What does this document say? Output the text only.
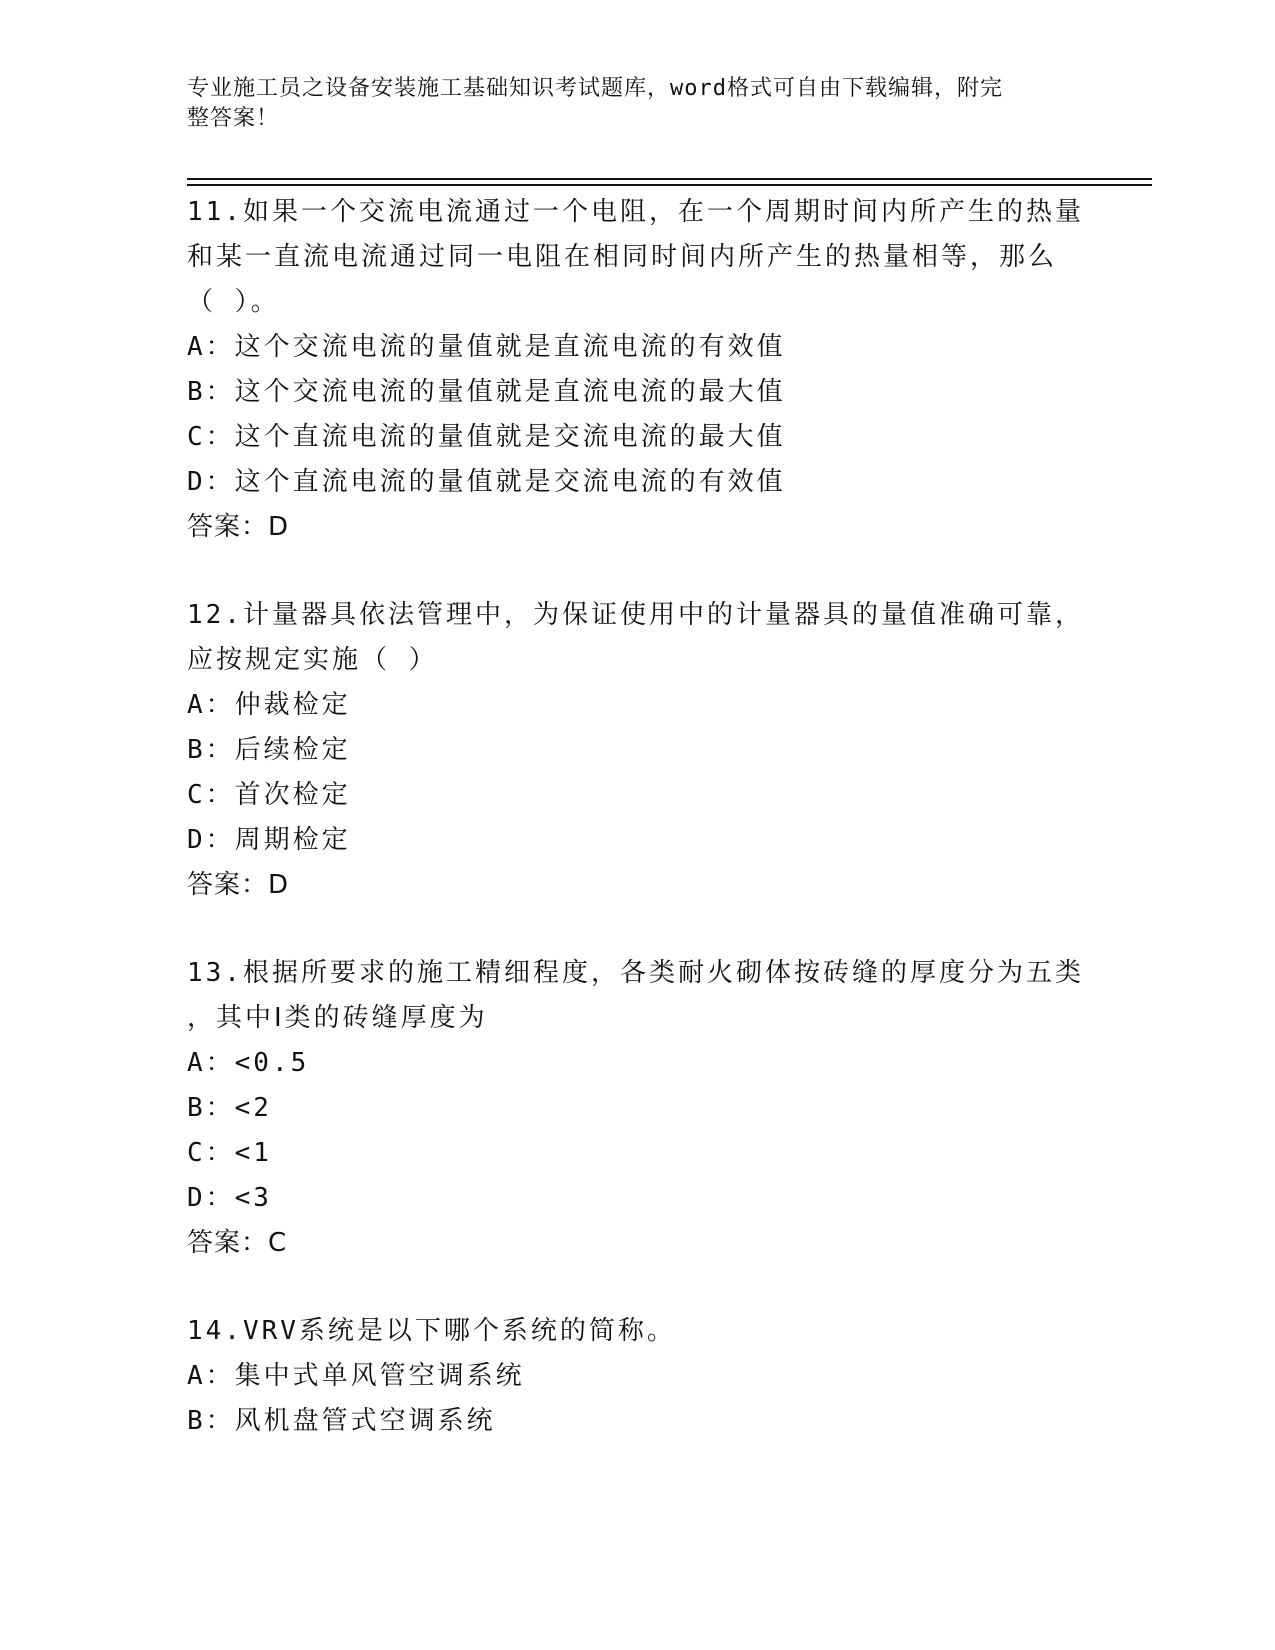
专业施工员之设备安装施工基础知识考试题库，word格式可自由下载编辑，附完
整答案！
11.如果一个交流电流通过一个电阻，在一个周期时间内所产生的热量
和某一直流电流通过同一电阻在相同时间内所产生的热量相等，那么
（ ）。
A：这个交流电流的量值就是直流电流的有效值
B：这个交流电流的量值就是直流电流的最大值
C：这个直流电流的量值就是交流电流的最大值
D：这个直流电流的量值就是交流电流的有效值
答案：D
12.计量器具依法管理中，为保证使用中的计量器具的量值准确可靠，
应按规定实施（ ）
A：仲裁检定
B：后续检定
C：首次检定
D：周期检定
答案：D
13.根据所要求的施工精细程度，各类耐火砌体按砖缝的厚度分为五类
，其中Ⅰ类的砖缝厚度为
A：<0.5
B：<2
C：<1
D：<3
答案：C
14.VRV系统是以下哪个系统的简称。
A：集中式单风管空调系统
B：风机盘管式空调系统
